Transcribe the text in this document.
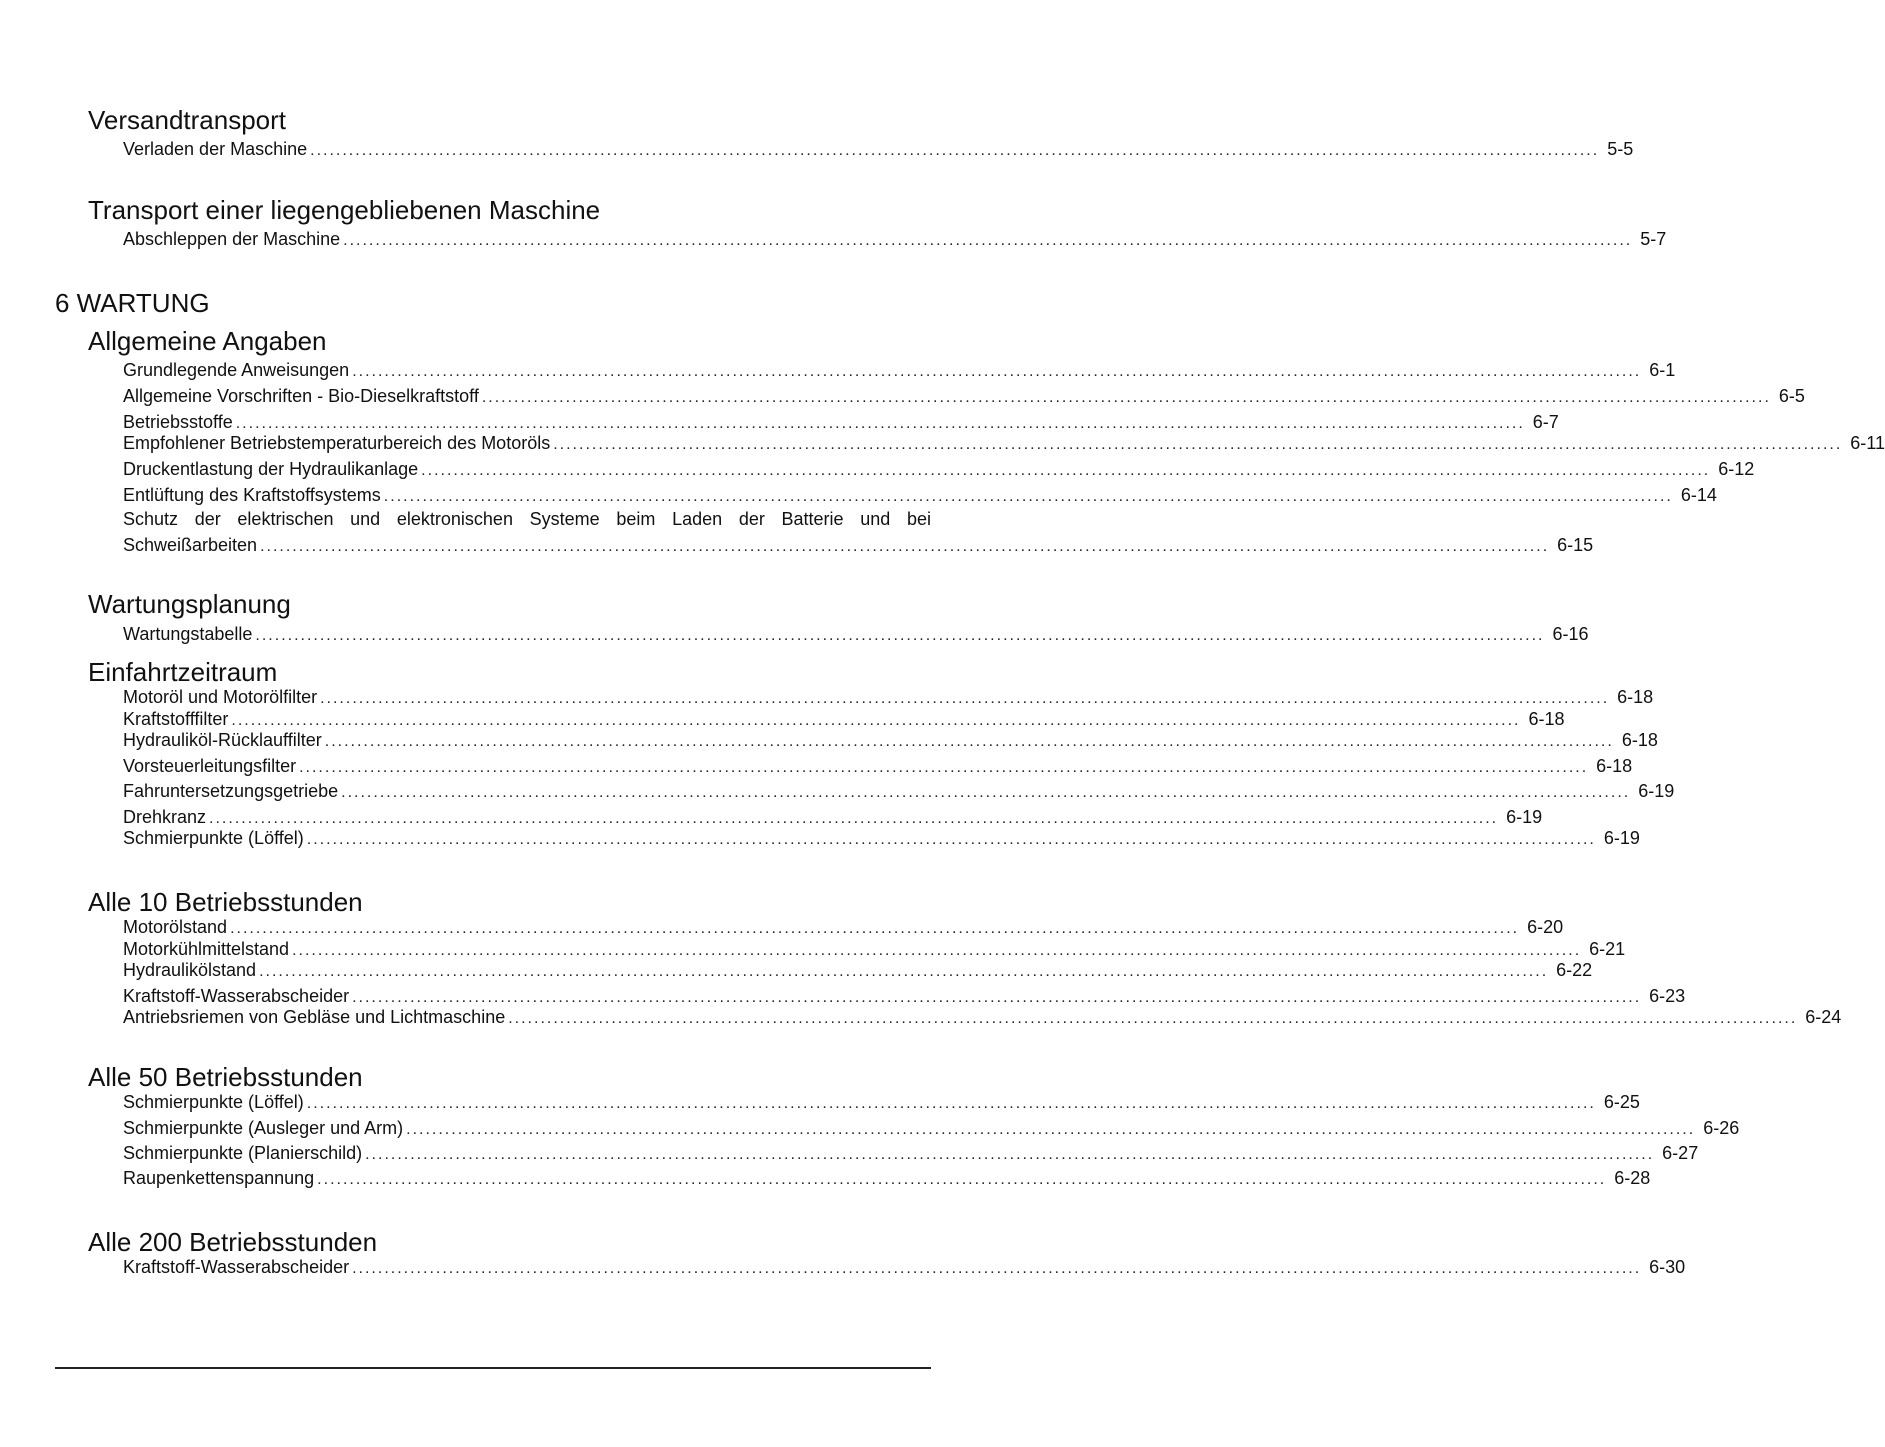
Versandtransport
Verladen der Maschine ........................................................................................................................................................................................................ 5-5
Transport einer liegengebliebenen Maschine
Abschleppen der Maschine ........................................................................................................................................................................................................ 5-7
6 WARTUNG
Allgemeine Angaben
Grundlegende Anweisungen ........................................................................................................................................................................................................ 6-1
Allgemeine Vorschriften - Bio-Dieselkraftstoff ........................................................................................................................................................................................................ 6-5
Betriebsstoffe ........................................................................................................................................................................................................ 6-7
Empfohlener Betriebstemperaturbereich des Motoröls ........................................................................................................................................................................................................ 6-11
Druckentlastung der Hydraulikanlage ........................................................................................................................................................................................................ 6-12
Entlüftung des Kraftstoffsystems ........................................................................................................................................................................................................ 6-14
Schutz der elektrischen und elektronischen Systeme beim Laden der Batterie und bei
Schweißarbeiten ........................................................................................................................................................................................................ 6-15
Wartungsplanung
Wartungstabelle ........................................................................................................................................................................................................ 6-16
Einfahrtzeitraum
Motoröl und Motorölfilter ........................................................................................................................................................................................................ 6-18
Kraftstofffilter ........................................................................................................................................................................................................ 6-18
Hydrauliköl-Rücklauffilter ........................................................................................................................................................................................................ 6-18
Vorsteuerleitungsfilter ........................................................................................................................................................................................................ 6-18
Fahruntersetzungsgetriebe ........................................................................................................................................................................................................ 6-19
Drehkranz ........................................................................................................................................................................................................ 6-19
Schmierpunkte (Löffel) ........................................................................................................................................................................................................ 6-19
Alle 10 Betriebsstunden
Motorölstand ........................................................................................................................................................................................................ 6-20
Motorkühlmittelstand ........................................................................................................................................................................................................ 6-21
Hydraulikölstand ........................................................................................................................................................................................................ 6-22
Kraftstoff-Wasserabscheider ........................................................................................................................................................................................................ 6-23
Antriebsriemen von Gebläse und Lichtmaschine ........................................................................................................................................................................................................ 6-24
Alle 50 Betriebsstunden
Schmierpunkte (Löffel) ........................................................................................................................................................................................................ 6-25
Schmierpunkte (Ausleger und Arm) ........................................................................................................................................................................................................ 6-26
Schmierpunkte (Planierschild) ........................................................................................................................................................................................................ 6-27
Raupenkettenspannung ........................................................................................................................................................................................................ 6-28
Alle 200 Betriebsstunden
Kraftstoff-Wasserabscheider ........................................................................................................................................................................................................ 6-30
